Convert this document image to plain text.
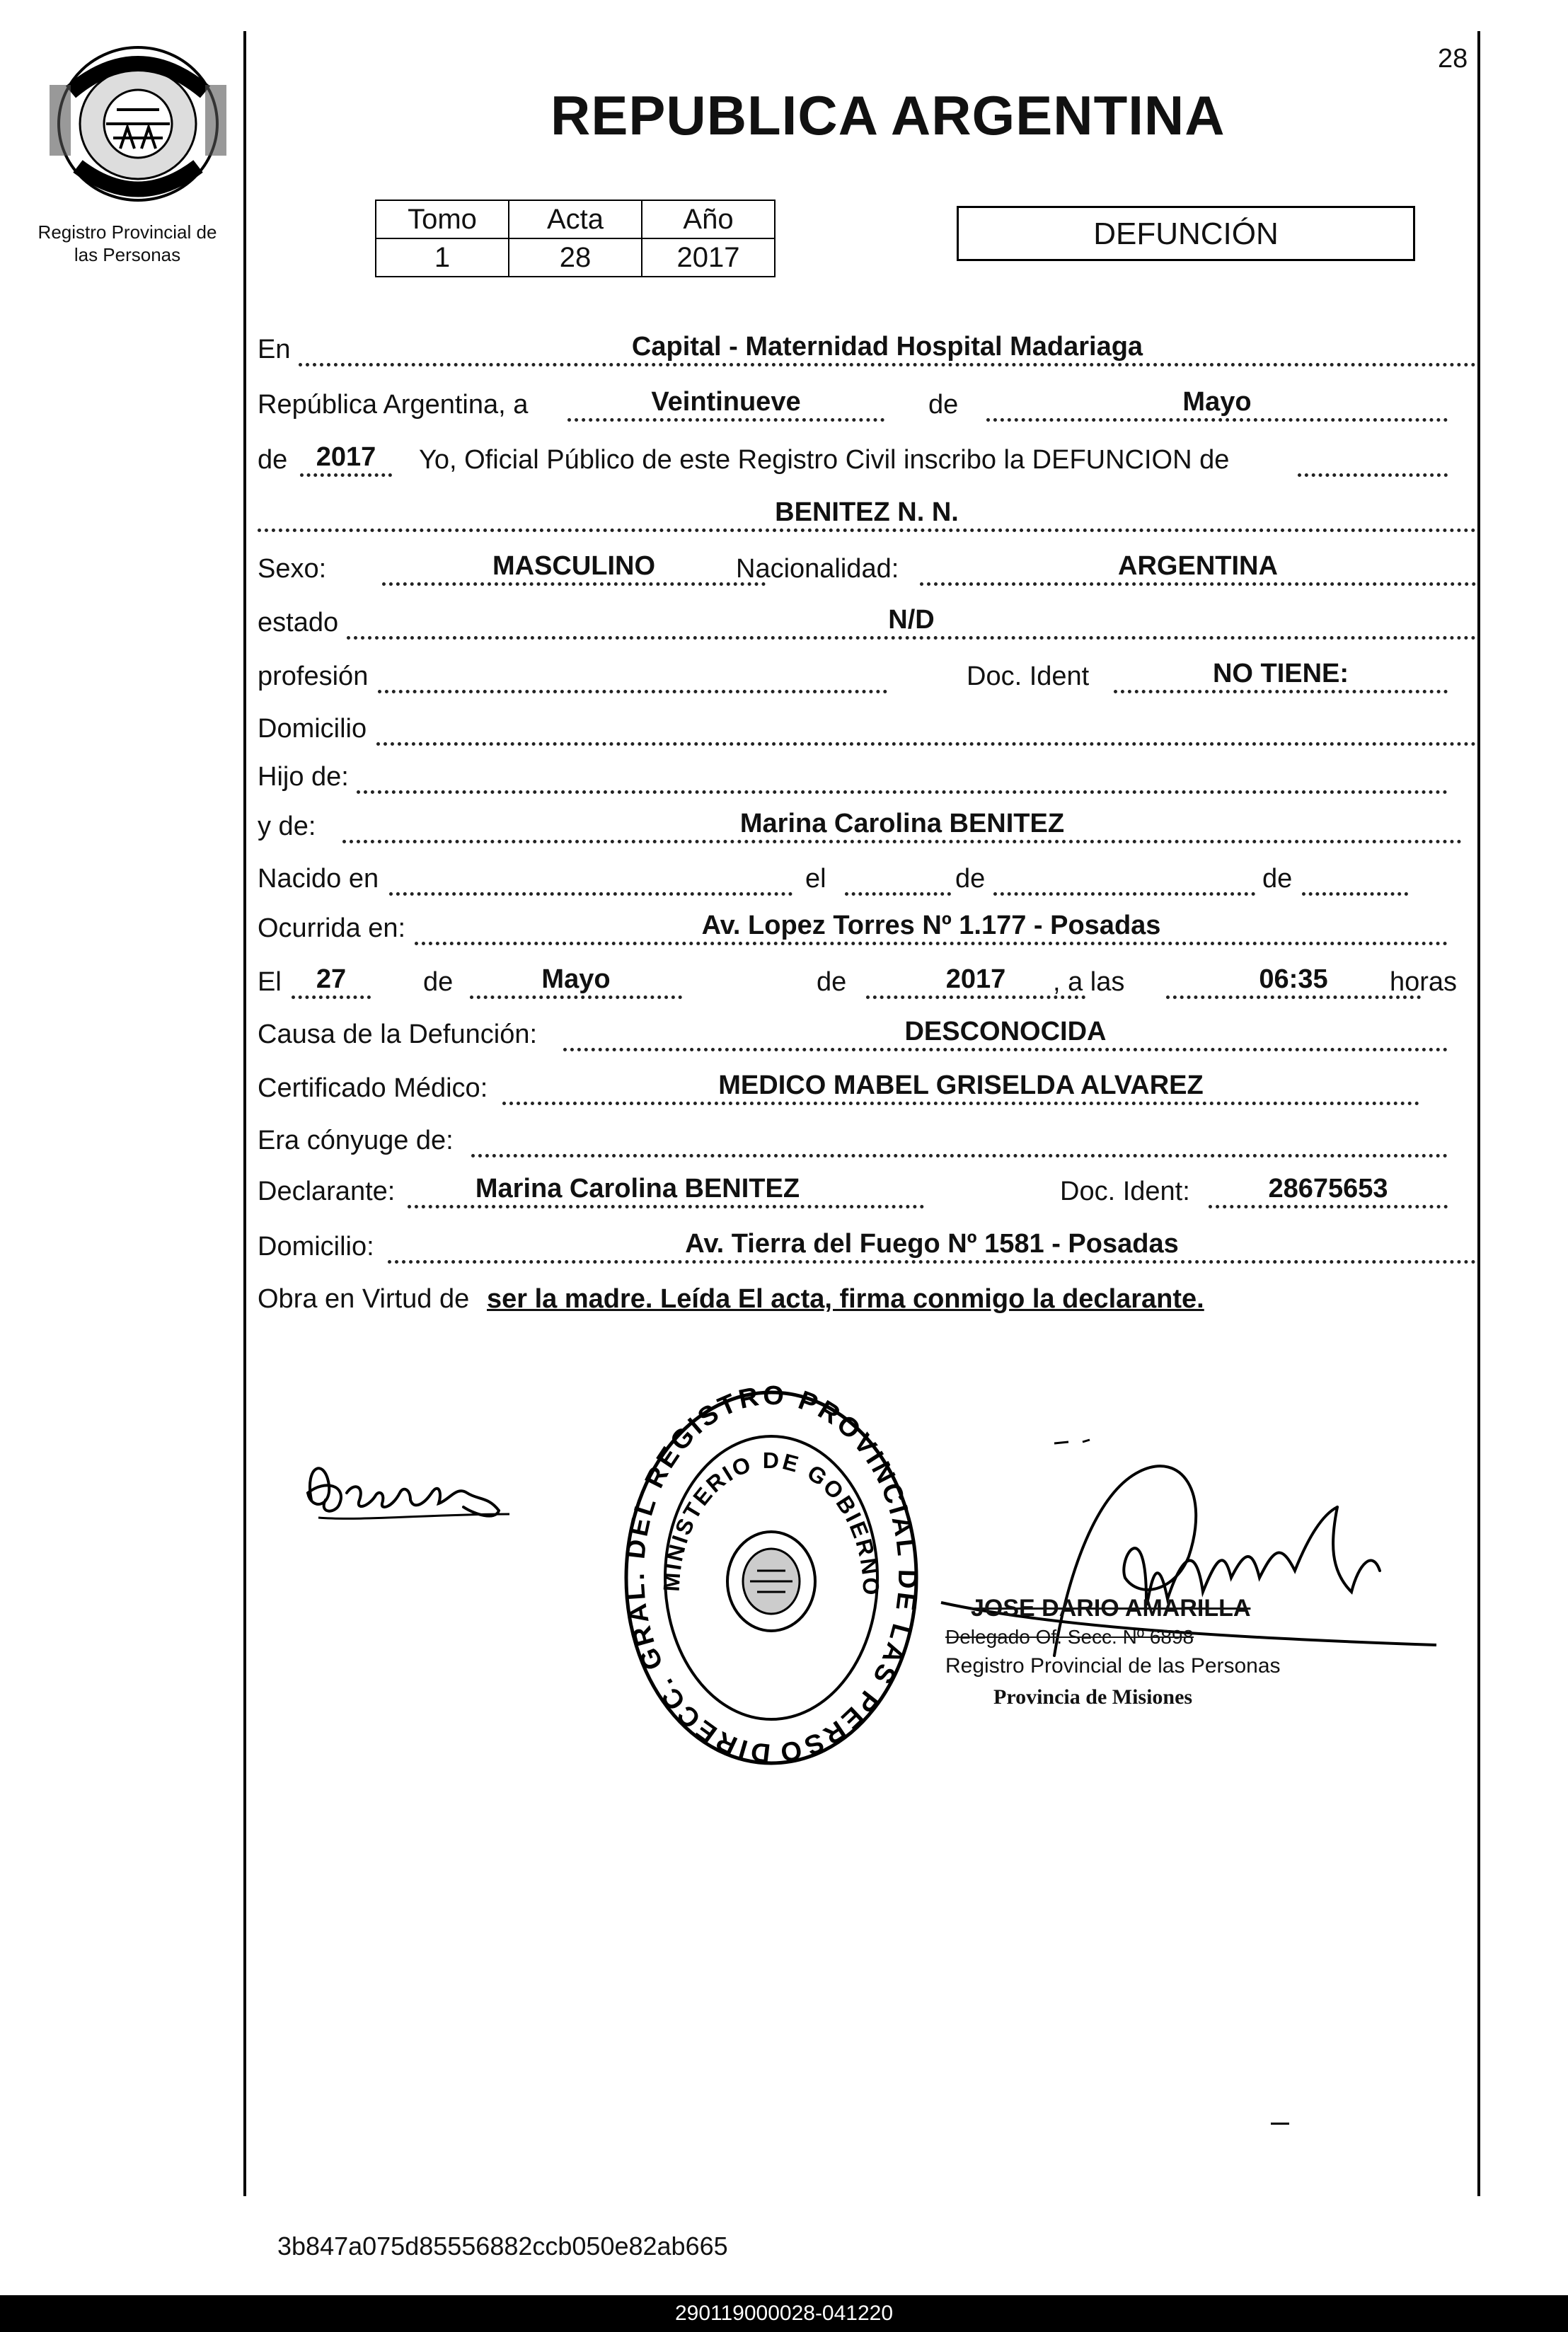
28
REPUBLICA ARGENTINA
Registro Provincial de
las Personas
Tomo	Acta	Año
1	28	2017
DEFUNCIÓN
En	Capital - Maternidad Hospital Madariaga
República Argentina, a	Veintinueve	de	Mayo
de	2017	Yo, Oficial Público de este Registro Civil inscribo la DEFUNCION de
BENITEZ N. N.
Sexo:	MASCULINO	Nacionalidad:	ARGENTINA
estado	N/D
profesión	Doc. Ident	NO TIENE:
Domicilio
Hijo de:
y de:	Marina Carolina BENITEZ
Nacido en	el	de	de
Ocurrida en:	Av. Lopez Torres Nº 1.177 - Posadas
El	27	de	Mayo	de	2017	, a las	06:35	horas
Causa de la Defunción:	DESCONOCIDA
Certificado Médico:	MEDICO MABEL GRISELDA ALVAREZ
Era cónyuge de:
Declarante:	Marina Carolina BENITEZ	Doc. Ident:	28675653
Domicilio:	Av. Tierra del Fuego Nº 1581 - Posadas
Obra en Virtud de ser la madre. Leída El acta, firma conmigo la declarante.
DIRECC. GRAL. DEL REGISTRO PROVINCIAL DE LAS PERSONAS
MINISTERIO DE GOBIERNO
JOSE DARIO AMARILLA
Delegado Of. Secc. Nº 6898
Registro Provincial de las Personas
Provincia de Misiones
3b847a075d85556882ccb050e82ab665
290119000028-041220
